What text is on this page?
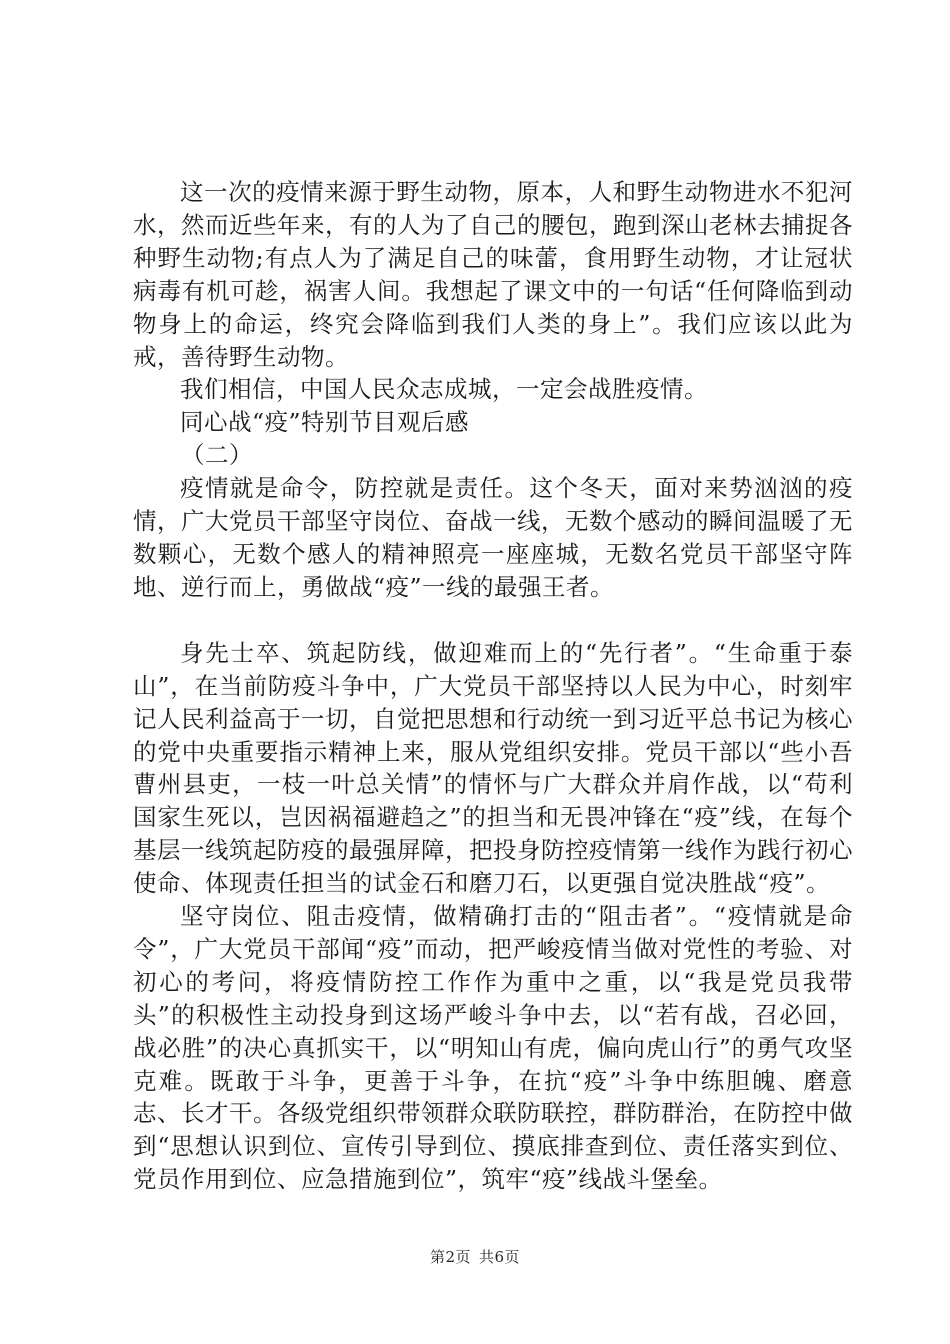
这一次的疫情来源于野生动物，原本，人和野生动物进水不犯河水，然而近些年来，有的人为了自己的腰包，跑到深山老林去捕捉各种野生动物;有点人为了满足自己的味蕾，食用野生动物，才让冠状病毒有机可趁，祸害人间。我想起了课文中的一句话“任何降临到动物身上的命运，终究会降临到我们人类的身上”。我们应该以此为戒，善待野生动物。

我们相信，中国人民众志成城，一定会战胜疫情。

同心战“疫”特别节目观后感

（二）

疫情就是命令，防控就是责任。这个冬天，面对来势汹汹的疫情，广大党员干部坚守岗位、奋战一线，无数个感动的瞬间温暖了无数颗心，无数个感人的精神照亮一座座城，无数名党员干部坚守阵地、逆行而上，勇做战“疫”一线的最强王者。

身先士卒、筑起防线，做迎难而上的“先行者”。“生命重于泰山”，在当前防疫斗争中，广大党员干部坚持以人民为中心，时刻牢记人民利益高于一切，自觉把思想和行动统一到习近平总书记为核心的党中央重要指示精神上来，服从党组织安排。党员干部以“些小吾曹州县吏，一枝一叶总关情”的情怀与广大群众并肩作战，以“苟利国家生死以，岂因祸福避趋之”的担当和无畏冲锋在“疫”线，在每个基层一线筑起防疫的最强屏障，把投身防控疫情第一线作为践行初心使命、体现责任担当的试金石和磨刀石，以更强自觉决胜战“疫”。

坚守岗位、阻击疫情，做精确打击的“阻击者”。“疫情就是命令”，广大党员干部闻“疫”而动，把严峻疫情当做对党性的考验、对初心的考问，将疫情防控工作作为重中之重，以“我是党员我带头”的积极性主动投身到这场严峻斗争中去，以“若有战，召必回，战必胜”的决心真抓实干，以“明知山有虎，偏向虎山行”的勇气攻坚克难。既敢于斗争，更善于斗争，在抗“疫”斗争中练胆魄、磨意志、长才干。各级党组织带领群众联防联控，群防群治，在防控中做到“思想认识到位、宣传引导到位、摸底排查到位、责任落实到位、党员作用到位、应急措施到位”，筑牢“疫”线战斗堡垒。

第2页 共6页
